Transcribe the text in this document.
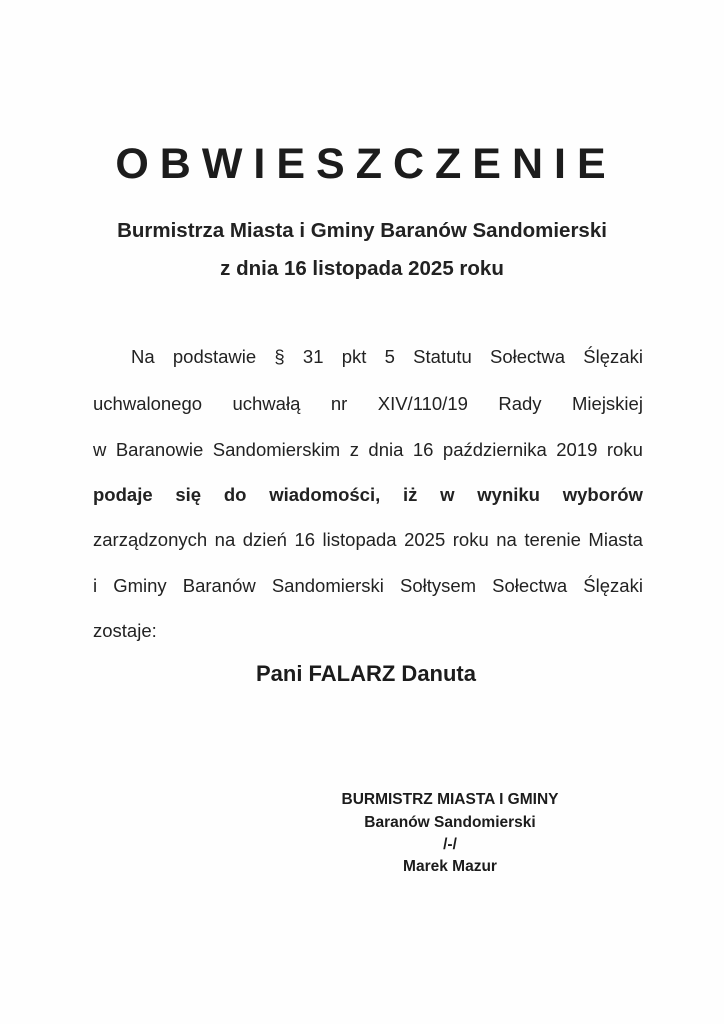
OBWIESZCZENIE
Burmistrza Miasta i Gminy Baranów Sandomierski
z dnia 16 listopada 2025 roku
Na podstawie § 31 pkt 5 Statutu Sołectwa Ślęzaki
uchwalonego uchwałą nr XIV/110/19 Rady Miejskiej
w Baranowie Sandomierskim z dnia 16 października 2019 roku
podaje się do wiadomości, iż w wyniku wyborów
zarządzonych na dzień 16 listopada 2025 roku na terenie Miasta
i Gminy Baranów Sandomierski Sołtysem Sołectwa Ślęzaki
zostaje:
Pani FALARZ Danuta
BURMISTRZ MIASTA I GMINY
Baranów Sandomierski
/-/
Marek Mazur
